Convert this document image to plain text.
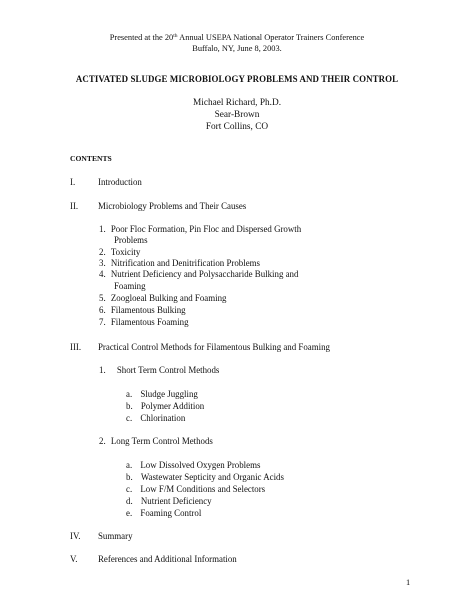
Presented at the 20th Annual USEPA National Operator Trainers Conference
Buffalo, NY, June 8, 2003.
ACTIVATED SLUDGE MICROBIOLOGY PROBLEMS AND THEIR CONTROL
Michael Richard, Ph.D.
Sear-Brown
Fort Collins, CO
CONTENTS
I.	Introduction
II. Microbiology Problems and Their Causes
1. Poor Floc Formation, Pin Floc and Dispersed Growth
Problems
2. Toxicity
3. Nitrification and Denitrification Problems
4. Nutrient Deficiency and Polysaccharide Bulking and
Foaming
5. Zoogloeal Bulking and Foaming
6. Filamentous Bulking
7. Filamentous Foaming
III. Practical Control Methods for Filamentous Bulking and Foaming
1. Short Term Control Methods
a. Sludge Juggling
b. Polymer Addition
c. Chlorination
2. Long Term Control Methods
a. Low Dissolved Oxygen Problems
b. Wastewater Septicity and Organic Acids
c. Low F/M Conditions and Selectors
d. Nutrient Deficiency
e. Foaming Control
IV. Summary
V. References and Additional Information
1
